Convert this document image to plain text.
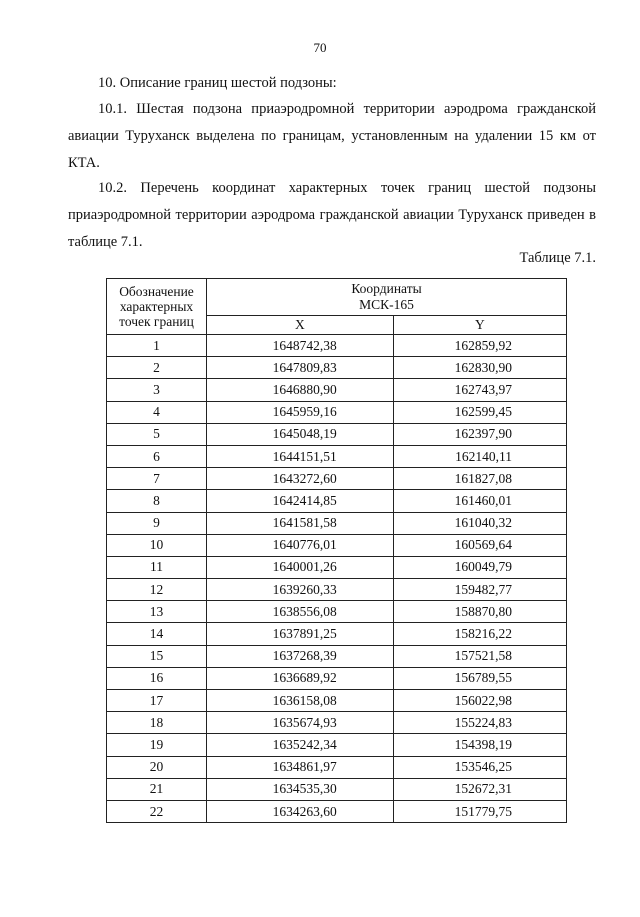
70

10. Описание границ шестой подзоны:

10.1. Шестая подзона приаэродромной территории аэродрома гражданской авиации Туруханск выделена по границам, установленным на удалении 15 км от КТА.

10.2. Перечень координат характерных точек границ шестой подзоны приаэродромной территории аэродрома гражданской авиации Туруханск приведен в таблице 7.1.

Таблице 7.1.
Обозначение характерных точек границ	Координаты
МСК-165	

	X	Y
1	1648742,38	162859,92
2	1647809,83	162830,90
3	1646880,90	162743,97
4	1645959,16	162599,45
5	1645048,19	162397,90
6	1644151,51	162140,11
7	1643272,60	161827,08
8	1642414,85	161460,01
9	1641581,58	161040,32
10	1640776,01	160569,64
11	1640001,26	160049,79
12	1639260,33	159482,77
13	1638556,08	158870,80
14	1637891,25	158216,22
15	1637268,39	157521,58
16	1636689,92	156789,55
17	1636158,08	156022,98
18	1635674,93	155224,83
19	1635242,34	154398,19
20	1634861,97	153546,25
21	1634535,30	152672,31
22	1634263,60	151779,75
